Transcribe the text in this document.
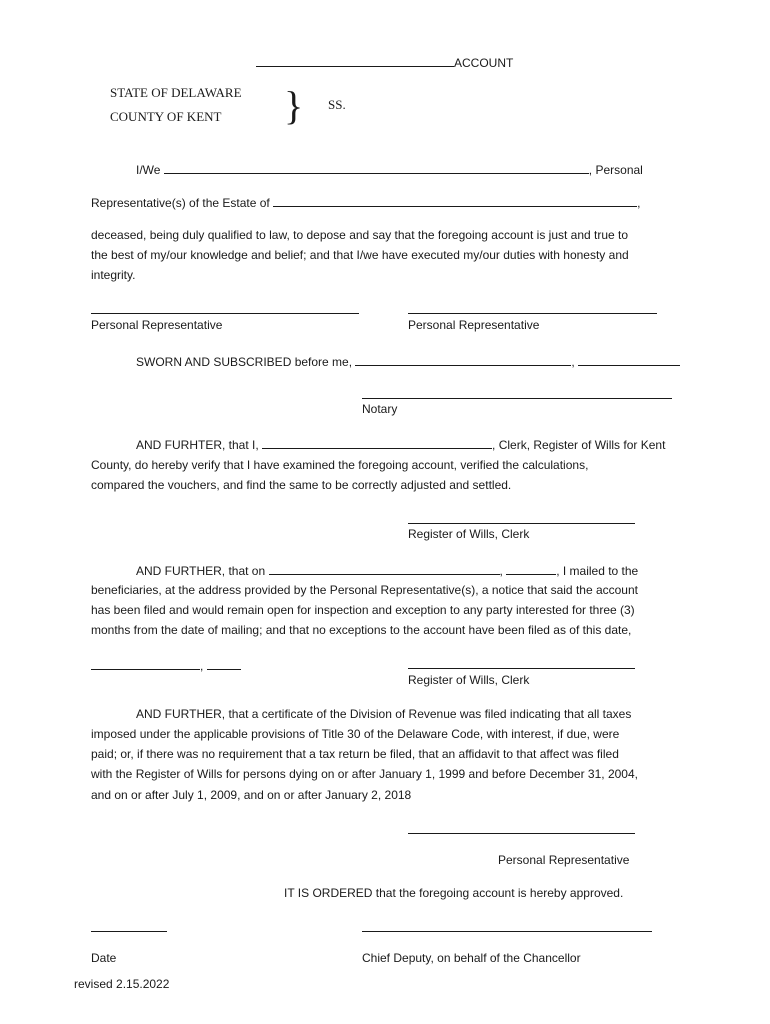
ACCOUNT
STATE OF DELAWARE
COUNTY OF KENT } SS.
I/We	, Personal
Representative(s) of the Estate of	,
deceased, being duly qualified to law, to depose and say that the foregoing account is just and true to
the best of my/our knowledge and belief; and that I/we have executed my/our duties with honesty and
integrity.
Personal Representative	Personal Representative
SWORN AND SUBSCRIBED before me,	,
Notary
AND FURHTER, that I,	, Clerk, Register of Wills for Kent
County, do hereby verify that I have examined the foregoing account, verified the calculations,
compared the vouchers, and find the same to be correctly adjusted and settled.
Register of Wills, Clerk
AND FURTHER, that on	,	, I mailed to the
beneficiaries, at the address provided by the Personal Representative(s), a notice that said the account
has been filed and would remain open for inspection and exception to any party interested for three (3)
months from the date of mailing; and that no exceptions to the account have been filed as of this date,
,
Register of Wills, Clerk
AND FURTHER, that a certificate of the Division of Revenue was filed indicating that all taxes
imposed under the applicable provisions of Title 30 of the Delaware Code, with interest, if due, were
paid; or, if there was no requirement that a tax return be filed, that an affidavit to that affect was filed
with the Register of Wills for persons dying on or after January 1, 1999 and before December 31, 2004,
and on or after July 1, 2009, and on or after January 2, 2018
Personal Representative
IT IS ORDERED that the foregoing account is hereby approved.
Date	Chief Deputy, on behalf of the Chancellor
revised 2.15.2022
